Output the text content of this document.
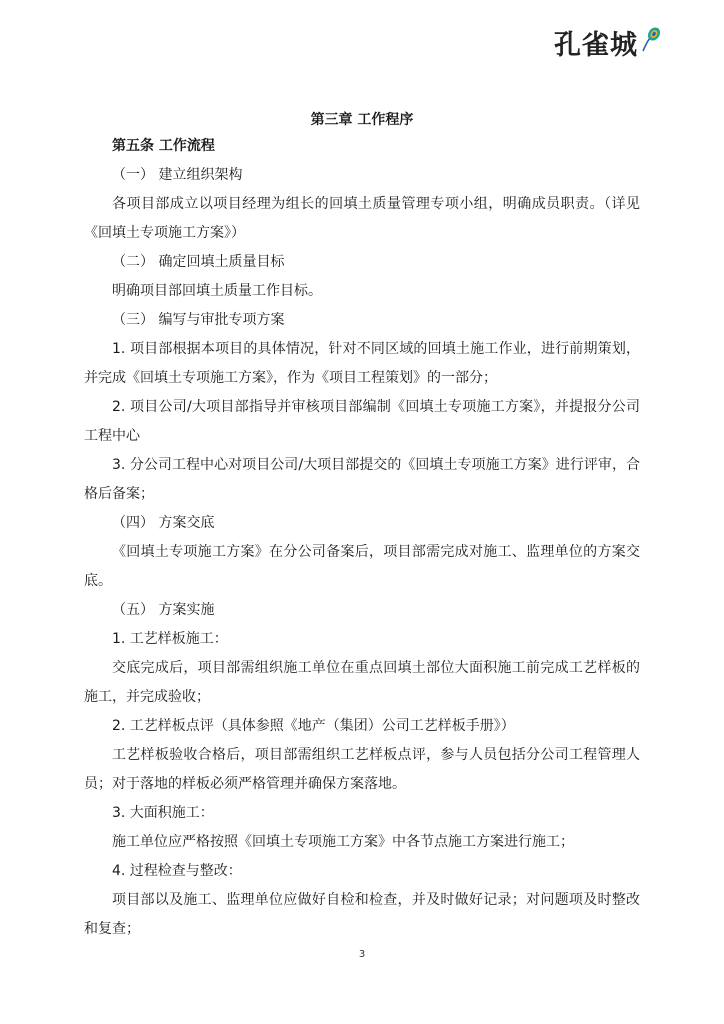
孔雀城
第三章 工作程序

第五条 工作流程

（一） 建立组织架构

各项目部成立以项目经理为组长的回填土质量管理专项小组，明确成员职责。（详见《回填土专项施工方案》）

（二） 确定回填土质量目标

明确项目部回填土质量工作目标。

（三） 编写与审批专项方案

1. 项目部根据本项目的具体情况，针对不同区域的回填土施工作业，进行前期策划，并完成《回填土专项施工方案》，作为《项目工程策划》的一部分；

2. 项目公司/大项目部指导并审核项目部编制《回填土专项施工方案》，并提报分公司工程中心

3. 分公司工程中心对项目公司/大项目部提交的《回填土专项施工方案》进行评审，合格后备案；

（四） 方案交底

《回填土专项施工方案》在分公司备案后，项目部需完成对施工、监理单位的方案交底。

（五） 方案实施

1. 工艺样板施工：

交底完成后，项目部需组织施工单位在重点回填土部位大面积施工前完成工艺样板的施工，并完成验收；

2. 工艺样板点评（具体参照《地产（集团）公司工艺样板手册》）

工艺样板验收合格后，项目部需组织工艺样板点评，参与人员包括分公司工程管理人员；对于落地的样板必须严格管理并确保方案落地。

3. 大面积施工：

施工单位应严格按照《回填土专项施工方案》中各节点施工方案进行施工；

4. 过程检查与整改：

项目部以及施工、监理单位应做好自检和检查，并及时做好记录；对问题项及时整改和复查；

3
